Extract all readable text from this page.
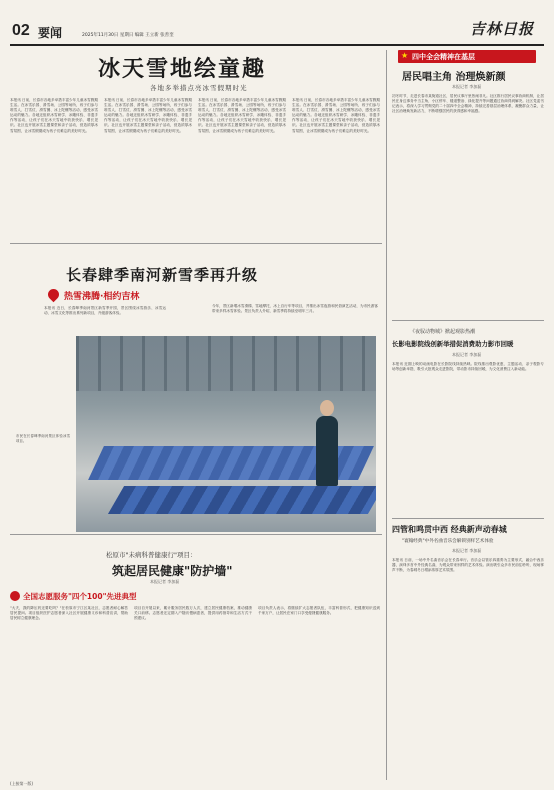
02 要闻	2025年11月30日 星期日 编辑 王立新 张善奎	吉林日报
冰天雪地绘童趣
各地多举措点亮冰雪假期时光
本报讯 日前，长春市各地多举措丰富少年儿童冰雪假期生活。在冰雪乐园、滑雪场、公园等场所，孩子们参与堆雪人、打雪仗、滑雪圈、冰上陀螺等活动，感受冰雪运动的魅力。各地还组织冰雪研学、冰雕体验、非遗手作等活动，让孩子们在冰天雪地中收获快乐、增长见识。社区也开展冰雪主题课堂和亲子活动，营造浓厚冰雪氛围，让冰雪假期成为孩子们难忘的美好时光。
本报讯 日前，长春市各地多举措丰富少年儿童冰雪假期生活。在冰雪乐园、滑雪场、公园等场所，孩子们参与堆雪人、打雪仗、滑雪圈、冰上陀螺等活动，感受冰雪运动的魅力。各地还组织冰雪研学、冰雕体验、非遗手作等活动，让孩子们在冰天雪地中收获快乐、增长见识。社区也开展冰雪主题课堂和亲子活动，营造浓厚冰雪氛围，让冰雪假期成为孩子们难忘的美好时光。
本报讯 日前，长春市各地多举措丰富少年儿童冰雪假期生活。在冰雪乐园、滑雪场、公园等场所，孩子们参与堆雪人、打雪仗、滑雪圈、冰上陀螺等活动，感受冰雪运动的魅力。各地还组织冰雪研学、冰雕体验、非遗手作等活动，让孩子们在冰天雪地中收获快乐、增长见识。社区也开展冰雪主题课堂和亲子活动，营造浓厚冰雪氛围，让冰雪假期成为孩子们难忘的美好时光。
本报讯 日前，长春市各地多举措丰富少年儿童冰雪假期生活。在冰雪乐园、滑雪场、公园等场所，孩子们参与堆雪人、打雪仗、滑雪圈、冰上陀螺等活动，感受冰雪运动的魅力。各地还组织冰雪研学、冰雕体验、非遗手作等活动，让孩子们在冰天雪地中收获快乐、增长见识。社区也开展冰雪主题课堂和亲子活动，营造浓厚冰雪氛围，让冰雪假期成为孩子们难忘的美好时光。
长春肆季南河新雪季再升级
热雪沸腾·相约吉林
本报讯 近日，长春肆季南河景区新雪季开园，景区围绕冰雪游乐、冰雪运动、冰雪文化等推出系列新项目，升级游客体验。
今年，景区新增冰雪滑梯、雪地摩托、冰上自行车等项目，并推出冰雪夜游和民俗演艺活动，为市民游客带来多样冰雪体验。景区负责人介绍，新雪季将持续至明年三月。
市民在长春肆季南河景区体验冰雪项目。
松原市"未病科普健康行"项目：
筑起居民健康"防护墙"
本报记者 李加磊
全国志愿服务"四个100"先进典型
"大夫，我的降压药还要吃吗？"在松原市宁江区某社区，志愿者耐心解答居民提问。项目组织医护志愿者深入社区开展健康义诊和科普宣讲，帮助居民树立健康理念。
项目自开展以来，累计服务居民数万人次，建立居民健康档案，推动健康关口前移。志愿者还定期入户随访慢病患者，提供用药指导和生活方式干预建议。
项目负责人表示，将继续扩大志愿者队伍，丰富科普形式，把健康知识送到千家万户，让居民在家门口享受便捷健康服务。
★ 四中全会精神在基层
居民唱主角 治理焕新颜
本报记者 李加磊
初冬时节，走进长春市某街道社区，居民议事厅里热闹非凡。社区推行居民议事协商机制，让居民在身边事务中当主角，小区停车、楼道整治、绿化提升等问题通过协商得到解决。社区党委书记表示，将深入学习贯彻党的二十届四中全会精神，持续完善基层治理体系，凝聚群众力量，让社区治理焕发新活力，不断增强居民的获得感和幸福感。
《夜驭动物城》掀起观影热潮
长影电影院线创新举措促消费助力影市回暖
本报记者 李加磊
本报讯 近期上映的动画电影在长影院线持续热映。院线推出观影优惠、主题活动、亲子观影专场等创新举措，吸引大批观众走进影院，带动影市持续回暖，为文化消费注入新动能。
四管和鸣贯中西 经典新声动春城
"寰翰经典"中外名曲音乐会解锁别样艺术体验
本报记者 李加磊
本报讯 日前，一场中外名曲音乐会在长春举行。音乐会以管乐四重奏为主要形式，融合中西乐器，演绎多首中外经典名曲，为观众带来别样的艺术体验。演出吸引众多市民前往聆听，现场掌声不断，为春城冬日增添浓厚艺术氛围。
(上接第一版)
